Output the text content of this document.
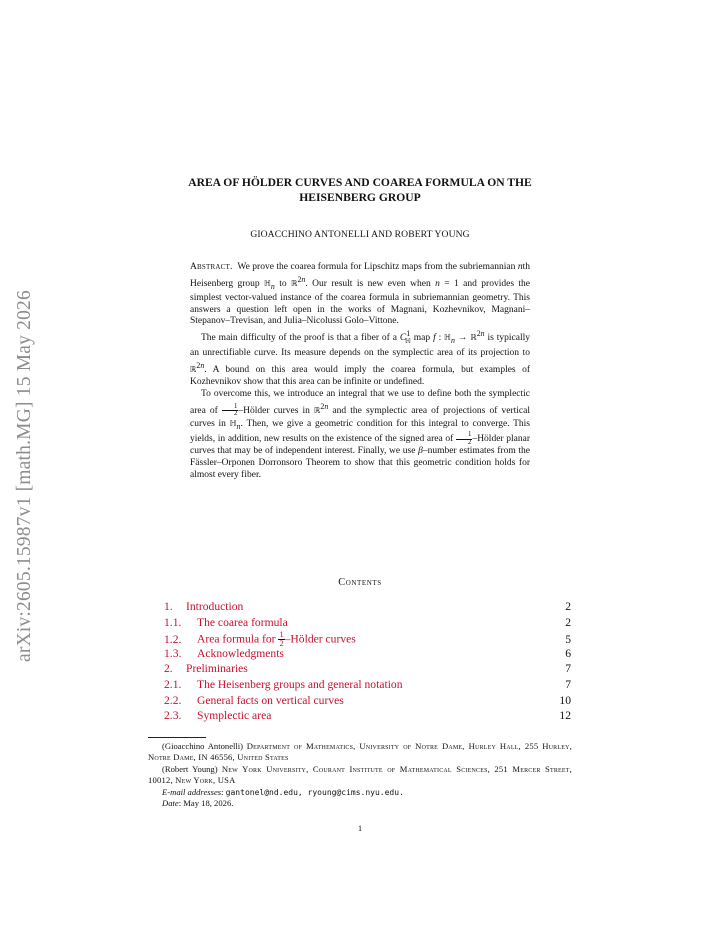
arXiv:2605.15987v1 [math.MG] 15 May 2026
AREA OF HÖLDER CURVES AND COAREA FORMULA ON THE
HEISENBERG GROUP
GIOACCHINO ANTONELLI AND ROBERT YOUNG

Abstract. We prove the coarea formula for Lipschitz maps from the subriemannian nth Heisenberg group ℍ$_n$ to ℝ$^{2n}$. Our result is new even when n = 1 and provides the simplest vector-valued instance of the coarea formula in subriemannian geometry. This answers a question left open in the works of Magnani, Kozhevnikov, Magnani–Stepanov–Trevisan, and Julia–Nicolussi Golo–Vittone.

The main difficulty of the proof is that a fiber of a $C^1_ℍ$ map f : ℍ$_n$ → ℝ$^{2n}$ is typically an unrectifiable curve. Its measure depends on the symplectic area of its projection to ℝ$^{2n}$. A bound on this area would imply the coarea formula, but examples of Kozhevnikov show that this area can be infinite or undefined.

To overcome this, we introduce an integral that we use to define both the symplectic area of $\frac{1}{2}$ –Hölder curves in ℝ$^{2n}$ and the symplectic area of projections of vertical curves in ℍ$_n$. Then, we give a geometric condition for this integral to converge. This yields, in addition, new results on the existence of the signed area of $\frac{1}{2}$ –Hölder planar curves that may be of independent interest. Finally, we use β–number estimates from the Fässler–Orponen Dorronsoro Theorem to show that this geometric condition holds for almost every fiber.

Contents
1. Introduction	2
1.1. The coarea formula	2
1.2. Area formula for $\frac{1}{2}$ –Hölder curves	5
1.3. Acknowledgments	6
2. Preliminaries	7
2.1. The Heisenberg groups and general notation	7
2.2. General facts on vertical curves	10
2.3. Symplectic area	12

(Gioacchino Antonelli) Department of Mathematics, University of Notre Dame, Hurley Hall, 255 Hurley, Notre Dame, IN 46556, United States

(Robert Young) New York University, Courant Institute of Mathematical Sciences, 251 Mercer Street, 10012, New York, USA

E-mail addresses: gantonel@nd.edu, ryoung@cims.nyu.edu.

Date: May 18, 2026.

1
